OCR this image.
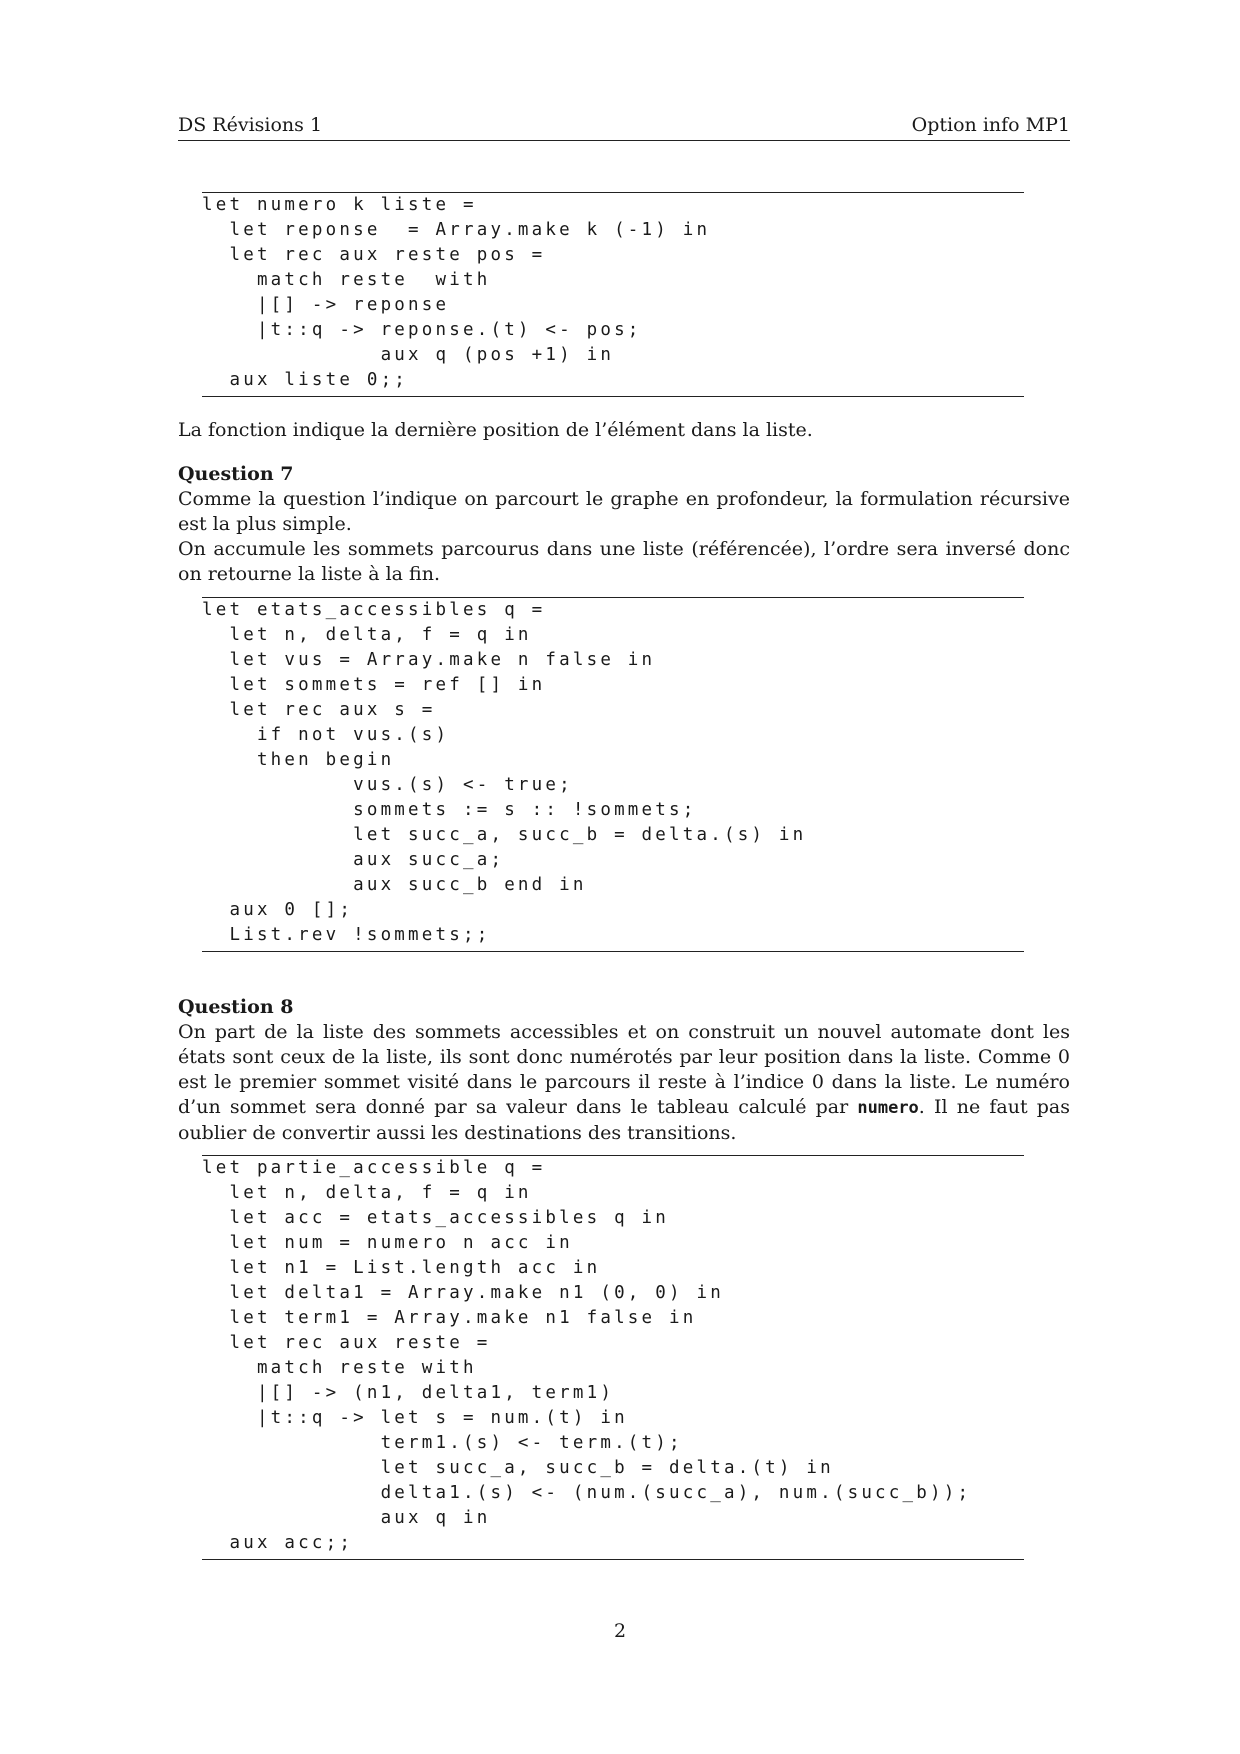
DS Révisions 1	Option info MP1
let numero k liste =
let reponse  = Array.make k (-1) in
let rec aux reste pos =
match reste  with
|[] -> reponse
|t::q -> reponse.(t) <- pos;
aux q (pos +1) in
aux liste 0;;

La fonction indique la dernière position de l’élément dans la liste.

Question 7

Comme la question l’indique on parcourt le graphe en profondeur, la formulation récursive est la plus simple.

On accumule les sommets parcourus dans une liste (référencée), l’ordre sera inversé donc on retourne la liste à la fin.

let etats_accessibles q =
let n, delta, f = q in
let vus = Array.make n false in
let sommets = ref [] in
let rec aux s =
if not vus.(s)
then begin
vus.(s) <- true;
sommets := s :: !sommets;
let succ_a, succ_b = delta.(s) in
aux succ_a;
aux succ_b end in
aux 0 [];
List.rev !sommets;;
Question 8

On part de la liste des sommets accessibles et on construit un nouvel automate dont les états sont ceux de la liste, ils sont donc numérotés par leur position dans la liste. Comme 0 est le premier sommet visité dans le parcours il reste à l’indice 0 dans la liste. Le numéro d’un sommet sera donné par sa valeur dans le tableau calculé par numero. Il ne faut pas oublier de convertir aussi les destinations des transitions.

let partie_accessible q =
let n, delta, f = q in
let acc = etats_accessibles q in
let num = numero n acc in
let n1 = List.length acc in
let delta1 = Array.make n1 (0, 0) in
let term1 = Array.make n1 false in
let rec aux reste =
match reste with
|[] -> (n1, delta1, term1)
|t::q -> let s = num.(t) in
term1.(s) <- term.(t);
let succ_a, succ_b = delta.(t) in
delta1.(s) <- (num.(succ_a), num.(succ_b));
aux q in
aux acc;;
2
